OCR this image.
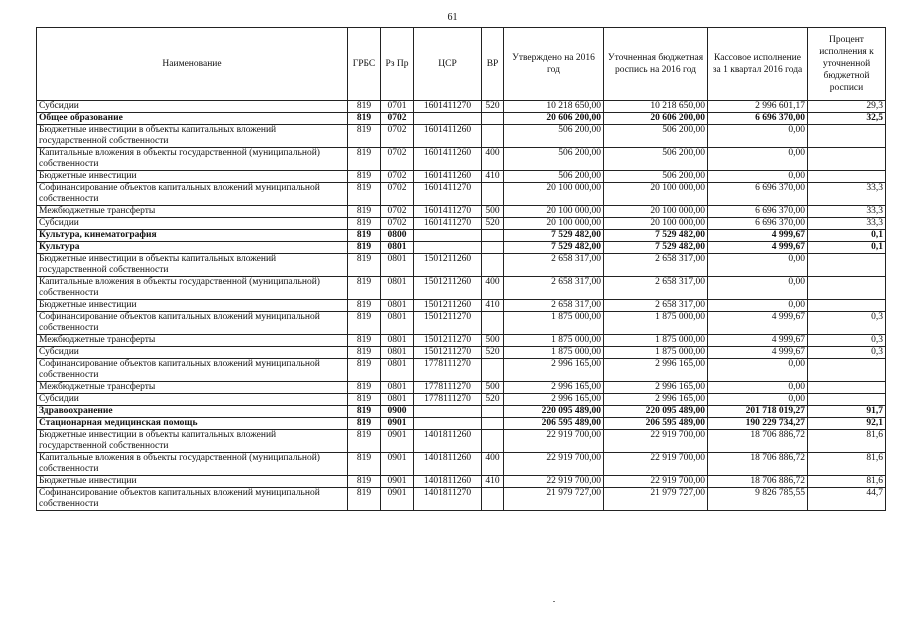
61
Наименование	ГРБС	Рз Пр	ЦСР	ВР	Утверждено на 2016 год	Уточненная бюджетная роспись на 2016 год	Кассовое исполнение за 1 квартал 2016 года	Процент исполнения к уточненной бюджетной росписи
Субсидии	819	0701	1601411270	520	10 218 650,00	10 218 650,00	2 996 601,17	29,3
Общее образование	819	0702			20 606 200,00	20 606 200,00	6 696 370,00	32,5
Бюджетные инвестиции в объекты капитальных вложений государственной собственности	819	0702	1601411260		506 200,00	506 200,00	0,00	
Капитальные вложения в объекты государственной (муниципальной) собственности	819	0702	1601411260	400	506 200,00	506 200,00	0,00	
Бюджетные инвестиции	819	0702	1601411260	410	506 200,00	506 200,00	0,00	
Софинансирование объектов капитальных вложений муниципальной собственности	819	0702	1601411270		20 100 000,00	20 100 000,00	6 696 370,00	33,3
Межбюджетные трансферты	819	0702	1601411270	500	20 100 000,00	20 100 000,00	6 696 370,00	33,3
Субсидии	819	0702	1601411270	520	20 100 000,00	20 100 000,00	6 696 370,00	33,3
Культура, кинематография	819	0800			7 529 482,00	7 529 482,00	4 999,67	0,1
Культура	819	0801			7 529 482,00	7 529 482,00	4 999,67	0,1
Бюджетные инвестиции в объекты капитальных вложений государственной собственности	819	0801	1501211260		2 658 317,00	2 658 317,00	0,00	
Капитальные вложения в объекты государственной (муниципальной) собственности	819	0801	1501211260	400	2 658 317,00	2 658 317,00	0,00	
Бюджетные инвестиции	819	0801	1501211260	410	2 658 317,00	2 658 317,00	0,00	
Софинансирование объектов капитальных вложений муниципальной собственности	819	0801	1501211270		1 875 000,00	1 875 000,00	4 999,67	0,3
Межбюджетные трансферты	819	0801	1501211270	500	1 875 000,00	1 875 000,00	4 999,67	0,3
Субсидии	819	0801	1501211270	520	1 875 000,00	1 875 000,00	4 999,67	0,3
Софинансирование объектов капитальных вложений муниципальной собственности	819	0801	1778111270		2 996 165,00	2 996 165,00	0,00	
Межбюджетные трансферты	819	0801	1778111270	500	2 996 165,00	2 996 165,00	0,00	
Субсидии	819	0801	1778111270	520	2 996 165,00	2 996 165,00	0,00	
Здравоохранение	819	0900			220 095 489,00	220 095 489,00	201 718 019,27	91,7
Стационарная медицинская помощь	819	0901			206 595 489,00	206 595 489,00	190 229 734,27	92,1
Бюджетные инвестиции в объекты капитальных вложений государственной собственности	819	0901	1401811260		22 919 700,00	22 919 700,00	18 706 886,72	81,6
Капитальные вложения в объекты государственной (муниципальной) собственности	819	0901	1401811260	400	22 919 700,00	22 919 700,00	18 706 886,72	81,6
Бюджетные инвестиции	819	0901	1401811260	410	22 919 700,00	22 919 700,00	18 706 886,72	81,6
Софинансирование объектов капитальных вложений муниципальной собственности	819	0901	1401811270		21 979 727,00	21 979 727,00	9 826 785,55	44,7
